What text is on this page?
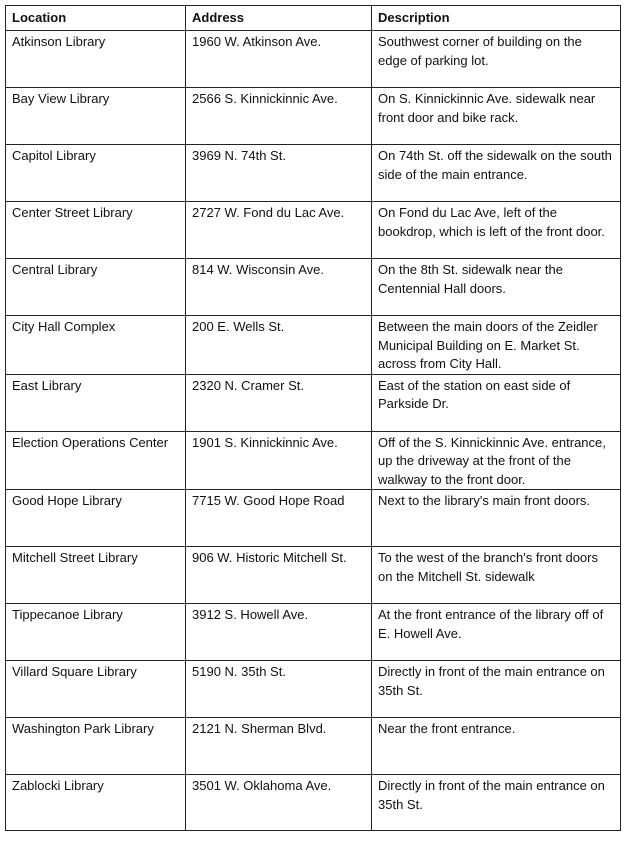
Location	Address	Description
Atkinson Library	1960 W. Atkinson Ave.	Southwest corner of building on the edge of parking lot.
Bay View Library	2566 S. Kinnickinnic Ave.	On S. Kinnickinnic Ave. sidewalk near front door and bike rack.
Capitol Library	3969 N. 74th St.	On 74th St. off the sidewalk on the south side of the main entrance.
Center Street Library	2727 W. Fond du Lac Ave.	On Fond du Lac Ave, left of the bookdrop, which is left of the front door.
Central Library	814 W. Wisconsin Ave.	On the 8th St. sidewalk near the Centennial Hall doors.
City Hall Complex	200 E. Wells St.	Between the main doors of the Zeidler Municipal Building on E. Market St. across from City Hall.
East Library	2320 N. Cramer St.	East of the station on east side of Parkside Dr.
Election Operations Center	1901 S. Kinnickinnic Ave.	Off of the S. Kinnickinnic Ave. entrance, up the driveway at the front of the walkway to the front door.
Good Hope Library	7715 W. Good Hope Road	Next to the library's main front doors.
Mitchell Street Library	906 W. Historic Mitchell St.	To the west of the branch's front doors on the Mitchell St. sidewalk
Tippecanoe Library	3912 S. Howell Ave.	At the front entrance of the library off of E. Howell Ave.
Villard Square Library	5190 N. 35th St.	Directly in front of the main entrance on 35th St.
Washington Park Library	2121 N. Sherman Blvd.	Near the front entrance.
Zablocki Library	3501 W. Oklahoma Ave.	Directly in front of the main entrance on 35th St.
